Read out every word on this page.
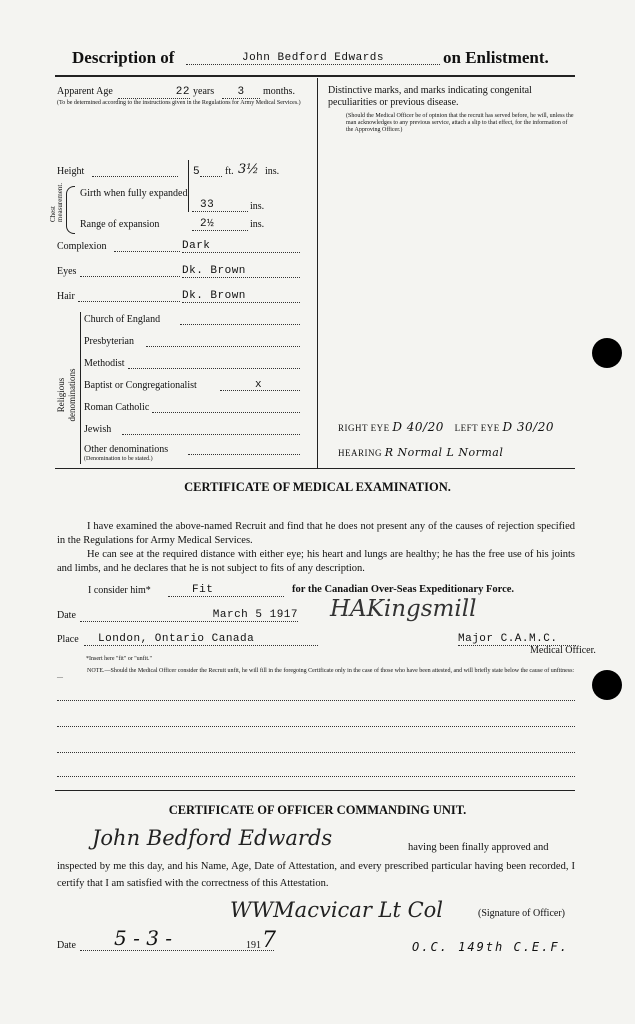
Description of	John Bedford Edwards	on Enlistment.
Apparent Age	22 years	3	months.
(To be determined according to the instructions given in the Regulations for Army Medical Services.)
Height	5 ft. 3½ ins.
Chest measurement. Girth when fully expanded
33	ins.
Range of expansion	2½	ins.
Complexion	Dark
Eyes	Dk. Brown
Hair	Dk. Brown
Religious denominations
Church of England
Presbyterian
Methodist
Baptist or Congregationalist	x
Roman Catholic
Jewish
Other denominations
(Denomination to be stated.)
Distinctive marks, and marks indicating congenital peculiarities or previous disease.
(Should the Medical Officer be of opinion that the recruit has served before, he will, unless the man acknowledges to any previous service, attach a slip to that effect, for the information of the Approving Officer.)
RIGHT EYE D 40/20 LEFT EYE D 30/20
HEARING R Normal L Normal
CERTIFICATE OF MEDICAL EXAMINATION.
I have examined the above-named Recruit and find that he does not present any of the causes of rejection specified in the Regulations for Army Medical Services.
He can see at the required distance with either eye; his heart and lungs are healthy; he has the free use of his joints and limbs, and he declares that he is not subject to fits of any description.
I consider him*	Fit	for the Canadian Over-Seas Expeditionary Force.
Date	March 5 1917 HAKingsmill
Place	London, Ontario Canada	Major C.A.M.C.
Medical Officer.
*Insert here "fit" or "unfit."
NOTE.—Should the Medical Officer consider the Recruit unfit, he will fill in the foregoing Certificate only in the case of those who have been attested, and will briefly state below the cause of unfitness:—
CERTIFICATE OF OFFICER COMMANDING UNIT.
John Bedford Edwards	having been finally approved and
inspected by me this day, and his Name, Age, Date of Attestation, and every prescribed particular having been recorded, I certify that I am satisfied with the correctness of this Attestation.
WWMacvicar Lt Col	(Signature of Officer)
Date	5 - 3 -	191 7	O.C. 149th C.E.F.
